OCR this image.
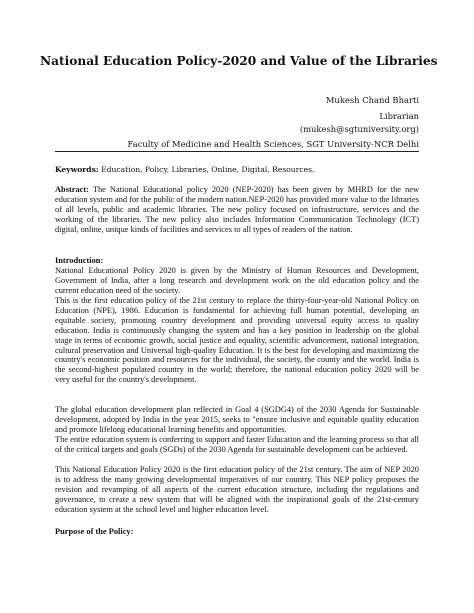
National Education Policy-2020 and Value of the Libraries
Mukesh Chand Bharti
Librarian
(mukesh@sgtuniversity.org)
Faculty of Medicine and Health Sciences, SGT University-NCR Delhi
Keywords: Education, Policy, Libraries, Online, Digital, Resources.
Abstract: The National Educational policy 2020 (NEP-2020) has been given by MHRD for the new education system and for the public of the modern nation.NEP-2020 has provided more value to the libraries of all levels, public and academic libraries. The new policy focused on infrastructure, services and the working of the libraries. The new policy also includes Information Communication Technology (ICT) digital, online, unique kinds of facilities and services to all types of readers of the nation.
Introduction:
National Educational Policy 2020 is given by the Ministry of Human Resources and Development, Government of India, after a long research and development work on the old education policy and the current education need of the society.
This is the first education policy of the 21st century to replace the thirty-four-year-old National Policy on Education (NPE), 1986. Education is fundamental for achieving full human potential, developing an equitable society, promoting country development and providing universal equity access to quality education. India is continuously changing the system and has a key position in leadership on the global stage in terms of economic growth, social justice and equality, scientific advancement, national integration, cultural preservation and Universal high-quality Education. It is the best for developing and maximizing the country's economic position and resources for the individual, the society, the county and the world. India is the second-highest populated country in the world; therefore, the national education policy 2020 will be very useful for the country's development.
The global education development plan reflected in Goal 4 (SGDG4) of the 2030 Agenda for Sustainable development, adopted by India in the year 2015, seeks to "ensure inclusive and equitable quality education and promote lifelong educational learning benefits and opportunities.
The entire education system is conferring to support and faster Education and the learning process so that all of the critical targets and goals (SGDs) of the 2030 Agenda for sustainable development can be achieved.
This National Education Policy 2020 is the first education policy of the 21st century. The aim of NEP 2020 is to address the many growing developmental imperatives of our country. This NEP policy proposes the revision and revamping of all aspects of the current education structure, including the regulations and governance, to create a new system that will be aligned with the inspirational goals of the 21st-century education system at the school level and higher education level.
Purpose of the Policy:
